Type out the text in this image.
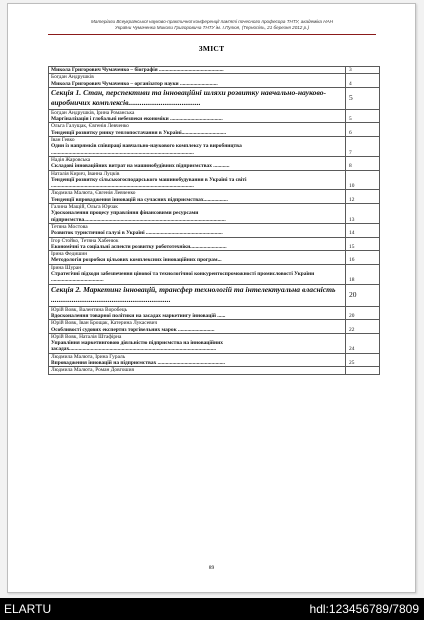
Матеріали Всеукраїнської науково-практичної конференції пам'яті почесного професора ТНТУ, академіка НАН
України Чумаченка Миколи Григоровича ТНТУ ім. І.Пулюя, (Тернопіль, 21 березня 2012 р.)
ЗМІСТ
Микола Григорович Чумаченко – біографія ................................................	3

Богдан Андрушків
Микола Григорович Чумаченко – організатор науки ............................	4

Секція 1. Стан, перспективи та інноваційні шляхи розвитку навчально-науково-виробничих комплексів......................................	5

Богдан Андрушків, Ірина Романська
Маргіналізація і глобальні небезпеки економіки .......................................	5

Ольга Галущак, Євгенія Левченко
Тенденції розвитку ринку теплопостачання в Україні.................................	6

Іван Гевко
Один із напрямків співпраці навчально-наукового комплексу та виробництва ..........................................................................................................	7

Надія Жаровська
Складові інноваційних витрат на машинобудівних підприємствах ............	8

Наталія Кирич, Іванна Луцків
Тенденції розвитку сільськогосподарського машинобудування в Україні та світі ..........................................................................................................	10

Людмила Малюта, Євгенія Левченко
Тенденції впровадження інновацій на сучасних підприємствах..................	12

Галина Мащій, Ольга Юрчак
Удосконалення процесу управління фінансовими ресурсами підприємства.........................................................................................................	13

Тетяна Мостова
Розвиток туристичної галузі в Україні .........................................................	14

Ігор Стойко, Тетяна Хабенюк
Економічні та соціальні аспекти розвитку робототехніки...........................	15

Ірина Федишин
Методологія розробки цільових комплексних інноваційних програм...	16

Ірина Шуран
Стратегічні підходи забезпечення цінової та технологічної конкурентоспроможності промисловості України .......................................	18

Секція 2. Маркетинг інновацій, трансфер технологій та інтелектуальна власність ...............................................................	20

Юрій Вовк, Валентина Воробець
Вдосконалення товарної політики на засадах маркетингу інновацій ......	20

Юрій Вовк, Іван Брощак, Катерина Лукасевич
Особливості судових експертиз торгівельних марок ...........................	22

Юрій Вовк, Наталія Штафірна
Управління маркетинговою діяльністю підприємства на інноваційних засадах.............................................................................................................	24

Людмила Малюта, Ірина Гураль
Впровадження інновацій на підприємствах ..................................................	25

Людмила Малюта, Роман Довгошия	

89
ELARTU	hdl:123456789/7809
